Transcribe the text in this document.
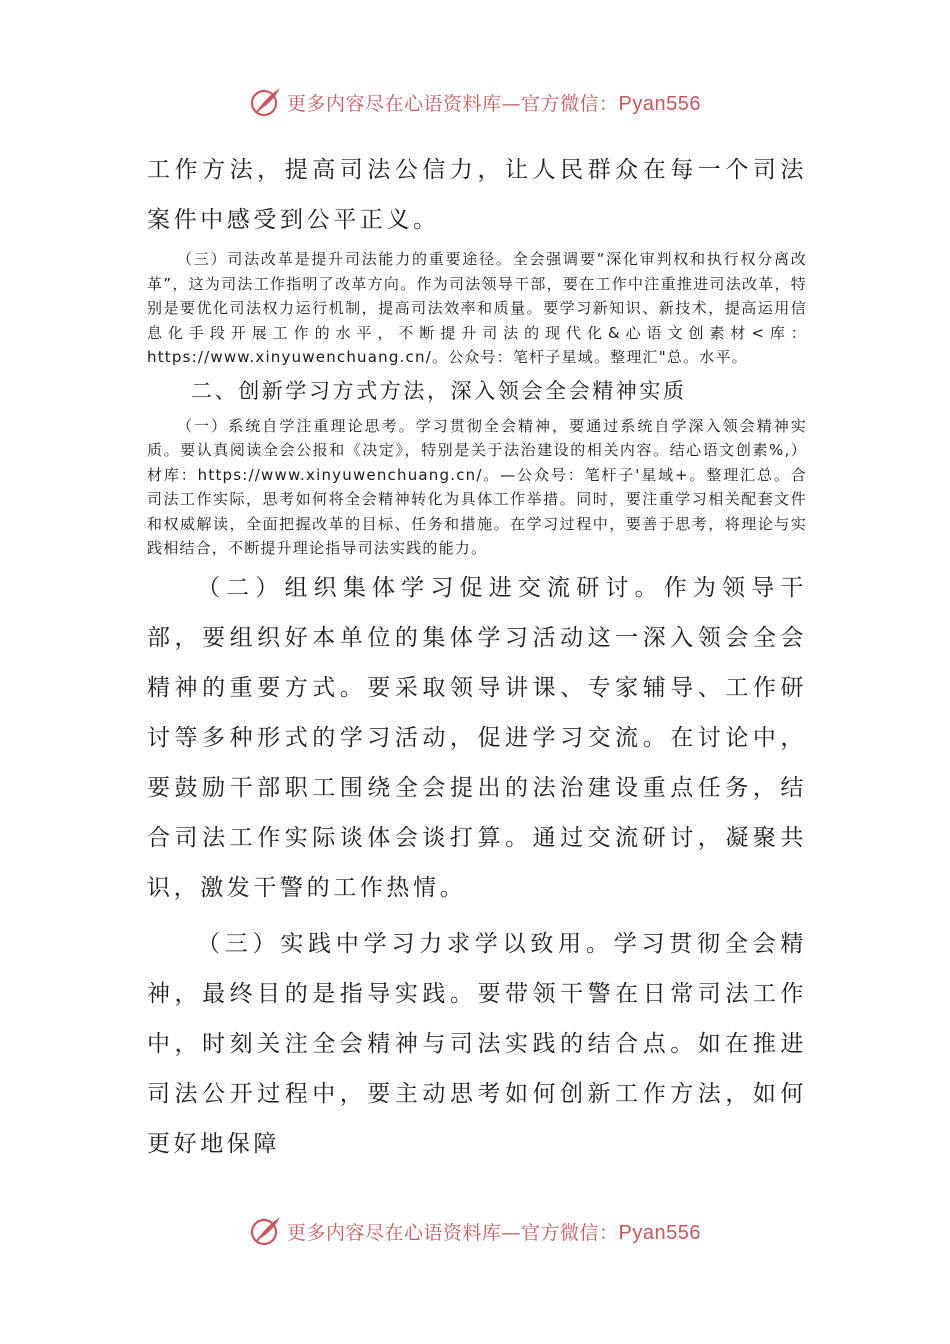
更多内容尽在心语资料库—官方微信：Pyan556

工作方法，提高司法公信力，让人民群众在每一个司法案件中感受到公平正义。

（三）司法改革是提升司法能力的重要途径。全会强调要“深化审判权和执行权分离改革”，这为司法工作指明了改革方向。作为司法领导干部，要在工作中注重推进司法改革，特别是要优化司法权力运行机制，提高司法效率和质量。要学习新知识、新技术，提高运用信息化手段开展工作的水平，不断提升司法的现代化&心语文创素材<库：https://www.xinyuwenchuang.cn/。公众号：笔杆子星域。整理汇"总。水平。

二、创新学习方式方法，深入领会全会精神实质

（一）系统自学注重理论思考。学习贯彻全会精神，要通过系统自学深入领会精神实质。要认真阅读全会公报和《决定》，特别是关于法治建设的相关内容。结心语文创素%,）材库：https://www.xinyuwenchuang.cn/。—公众号：笔杆子'星域+。整理汇总。合司法工作实际，思考如何将全会精神转化为具体工作举措。同时，要注重学习相关配套文件和权威解读，全面把握改革的目标、任务和措施。在学习过程中，要善于思考，将理论与实践相结合，不断提升理论指导司法实践的能力。

（二）组织集体学习促进交流研讨。作为领导干部，要组织好本单位的集体学习活动这一深入领会全会精神的重要方式。要采取领导讲课、专家辅导、工作研讨等多种形式的学习活动，促进学习交流。在讨论中，要鼓励干部职工围绕全会提出的法治建设重点任务，结合司法工作实际谈体会谈打算。通过交流研讨，凝聚共识，激发干警的工作热情。

（三）实践中学习力求学以致用。学习贯彻全会精神，最终目的是指导实践。要带领干警在日常司法工作中，时刻关注全会精神与司法实践的结合点。如在推进司法公开过程中，要主动思考如何创新工作方法，如何更好地保障

更多内容尽在心语资料库—官方微信：Pyan556
